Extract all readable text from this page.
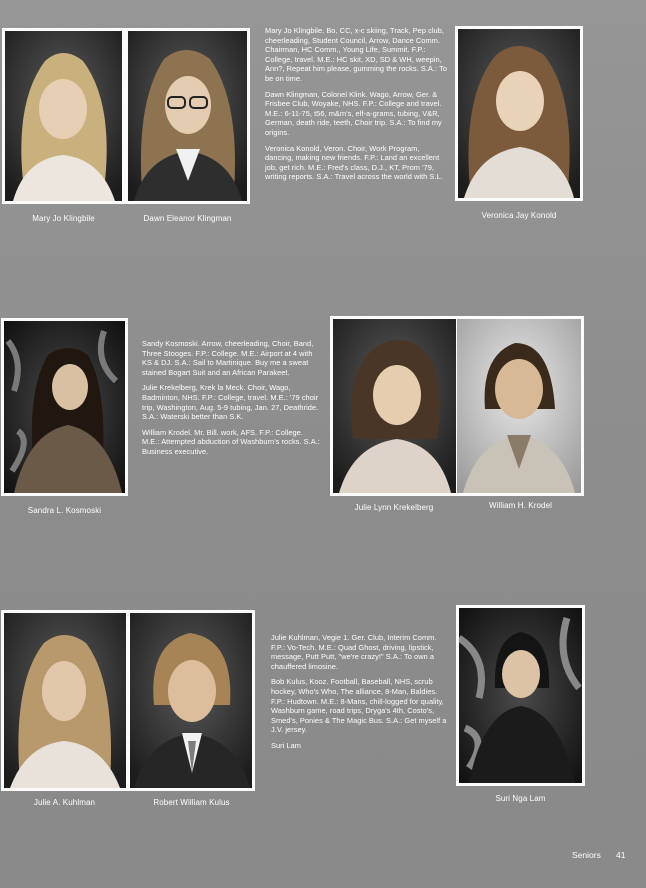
Mary Jo Klingbile	Dawn Eleanor Klingman	Veronica Jay Konold

Mary Jo Klingbile, Bo, CC, x-c skiing, Track, Pep club, cheerleading, Student Council, Arrow, Dance Comm. Chairman, HC Comm., Young Life, Summit. F.P.: College, travel. M.E.: HC skit, XD, SD & WH, weepin, Ann?, Repeat him please, gumming the rocks. S.A.: To be on time.

Dawn Klingman, Colonel Klink. Wago, Arrow, Ger. & Frisbee Club, Woyake, NHS. F.P.: College and travel. M.E.: 6-11-75, t56, m&m's, elf-a-grams, tubing, V&R, German, death ride, teeth, Choir trip. S.A.: To find my origins.

Veronica Konold, Veron. Choir, Work Program, dancing, making new friends. F.P.: Land an excellent job, get rich. M.E.: Fred's class, D.J., KT, Prom '79, writing reports. S.A.: Travel across the world with S.L.

Sandra L. Kosmoski	Julie Lynn Krekelberg	William H. Krodel

Sandy Kosmoski. Arrow, cheerleading, Choir, Band, Three Stooges. F.P.: College. M.E.: Airport at 4 with KS & DJ. S.A.: Sail to Martinique. Buy me a sweat stained Bogart Suit and an African Parakeet.

Julie Krekelberg, Krek la Meck. Choir, Wago, Badminton, NHS. F.P.: College, travel. M.E.: '79 choir trip, Washington, Aug. 5-9 tubing, Jan. 27, Deathride. S.A.: Waterski better than S.K.

William Krodel. Mr. Bill. work, AFS. F.P.: College. M.E.: Attempted abduction of Washburn's rocks. S.A.: Business executive.

Julie A. Kuhlman	Robert William Kulus	Suri Nga Lam

Julie Kuhlman, Vegie 1. Ger. Club, Interim Comm. F.P.: Vo-Tech. M.E.: Quad Ghost, driving, lipstick, message, Putt Putt, "we're crazy!" S.A.: To own a chauffered limosine.

Bob Kulus, Kooz. Football, Baseball, NHS, scrub hockey, Who's Who, The alliance, 8-Man, Baldies. F.P.: Hudtown. M.E.: 8-Mans, chill-logged for quality, Washburn game, road trips, Dryga's 4th, Costo's, Smed's, Ponies & The Magic Bus. S.A.: Get myself a J.V. jersey.

Suri Lam

Seniors 41
